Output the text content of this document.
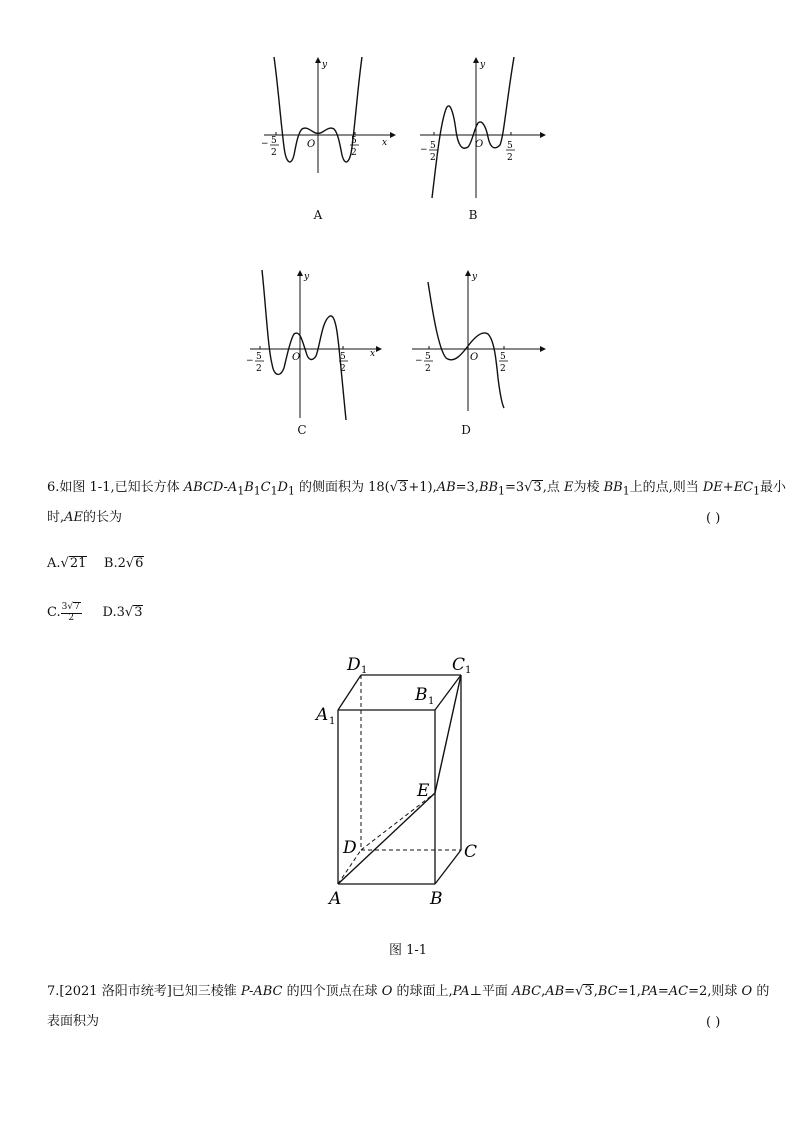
x
y
O
− 5
2
5
2
A
y
O
− 5
2
5
2
B
x
y
O
− 5
2
5
2
C
y
O
− 5
2
5
2
D
6.如图 1-1,已知长方体 ABCD-$A_1B_1C_1D_1$ 的侧面积为 $18(√3+1),AB=3,BB_1=3√3$,点 E为棱 $BB_1$上的点,则当 $DE+EC_1$最小
时,AE的长为	( )
A.√21 B.2√6
C. $\frac{3√7}{2} D.3√3$
D 1	C 1
A 1
B 1
E
D	C
A	B
图 1-1
7.[2021 洛阳市统考]已知三棱锥 P-ABC 的四个顶点在球 O 的球面上,PA⊥平面 ABC,AB=√3,BC=1,PA=AC=2,则球 O 的
表面积为	( )
